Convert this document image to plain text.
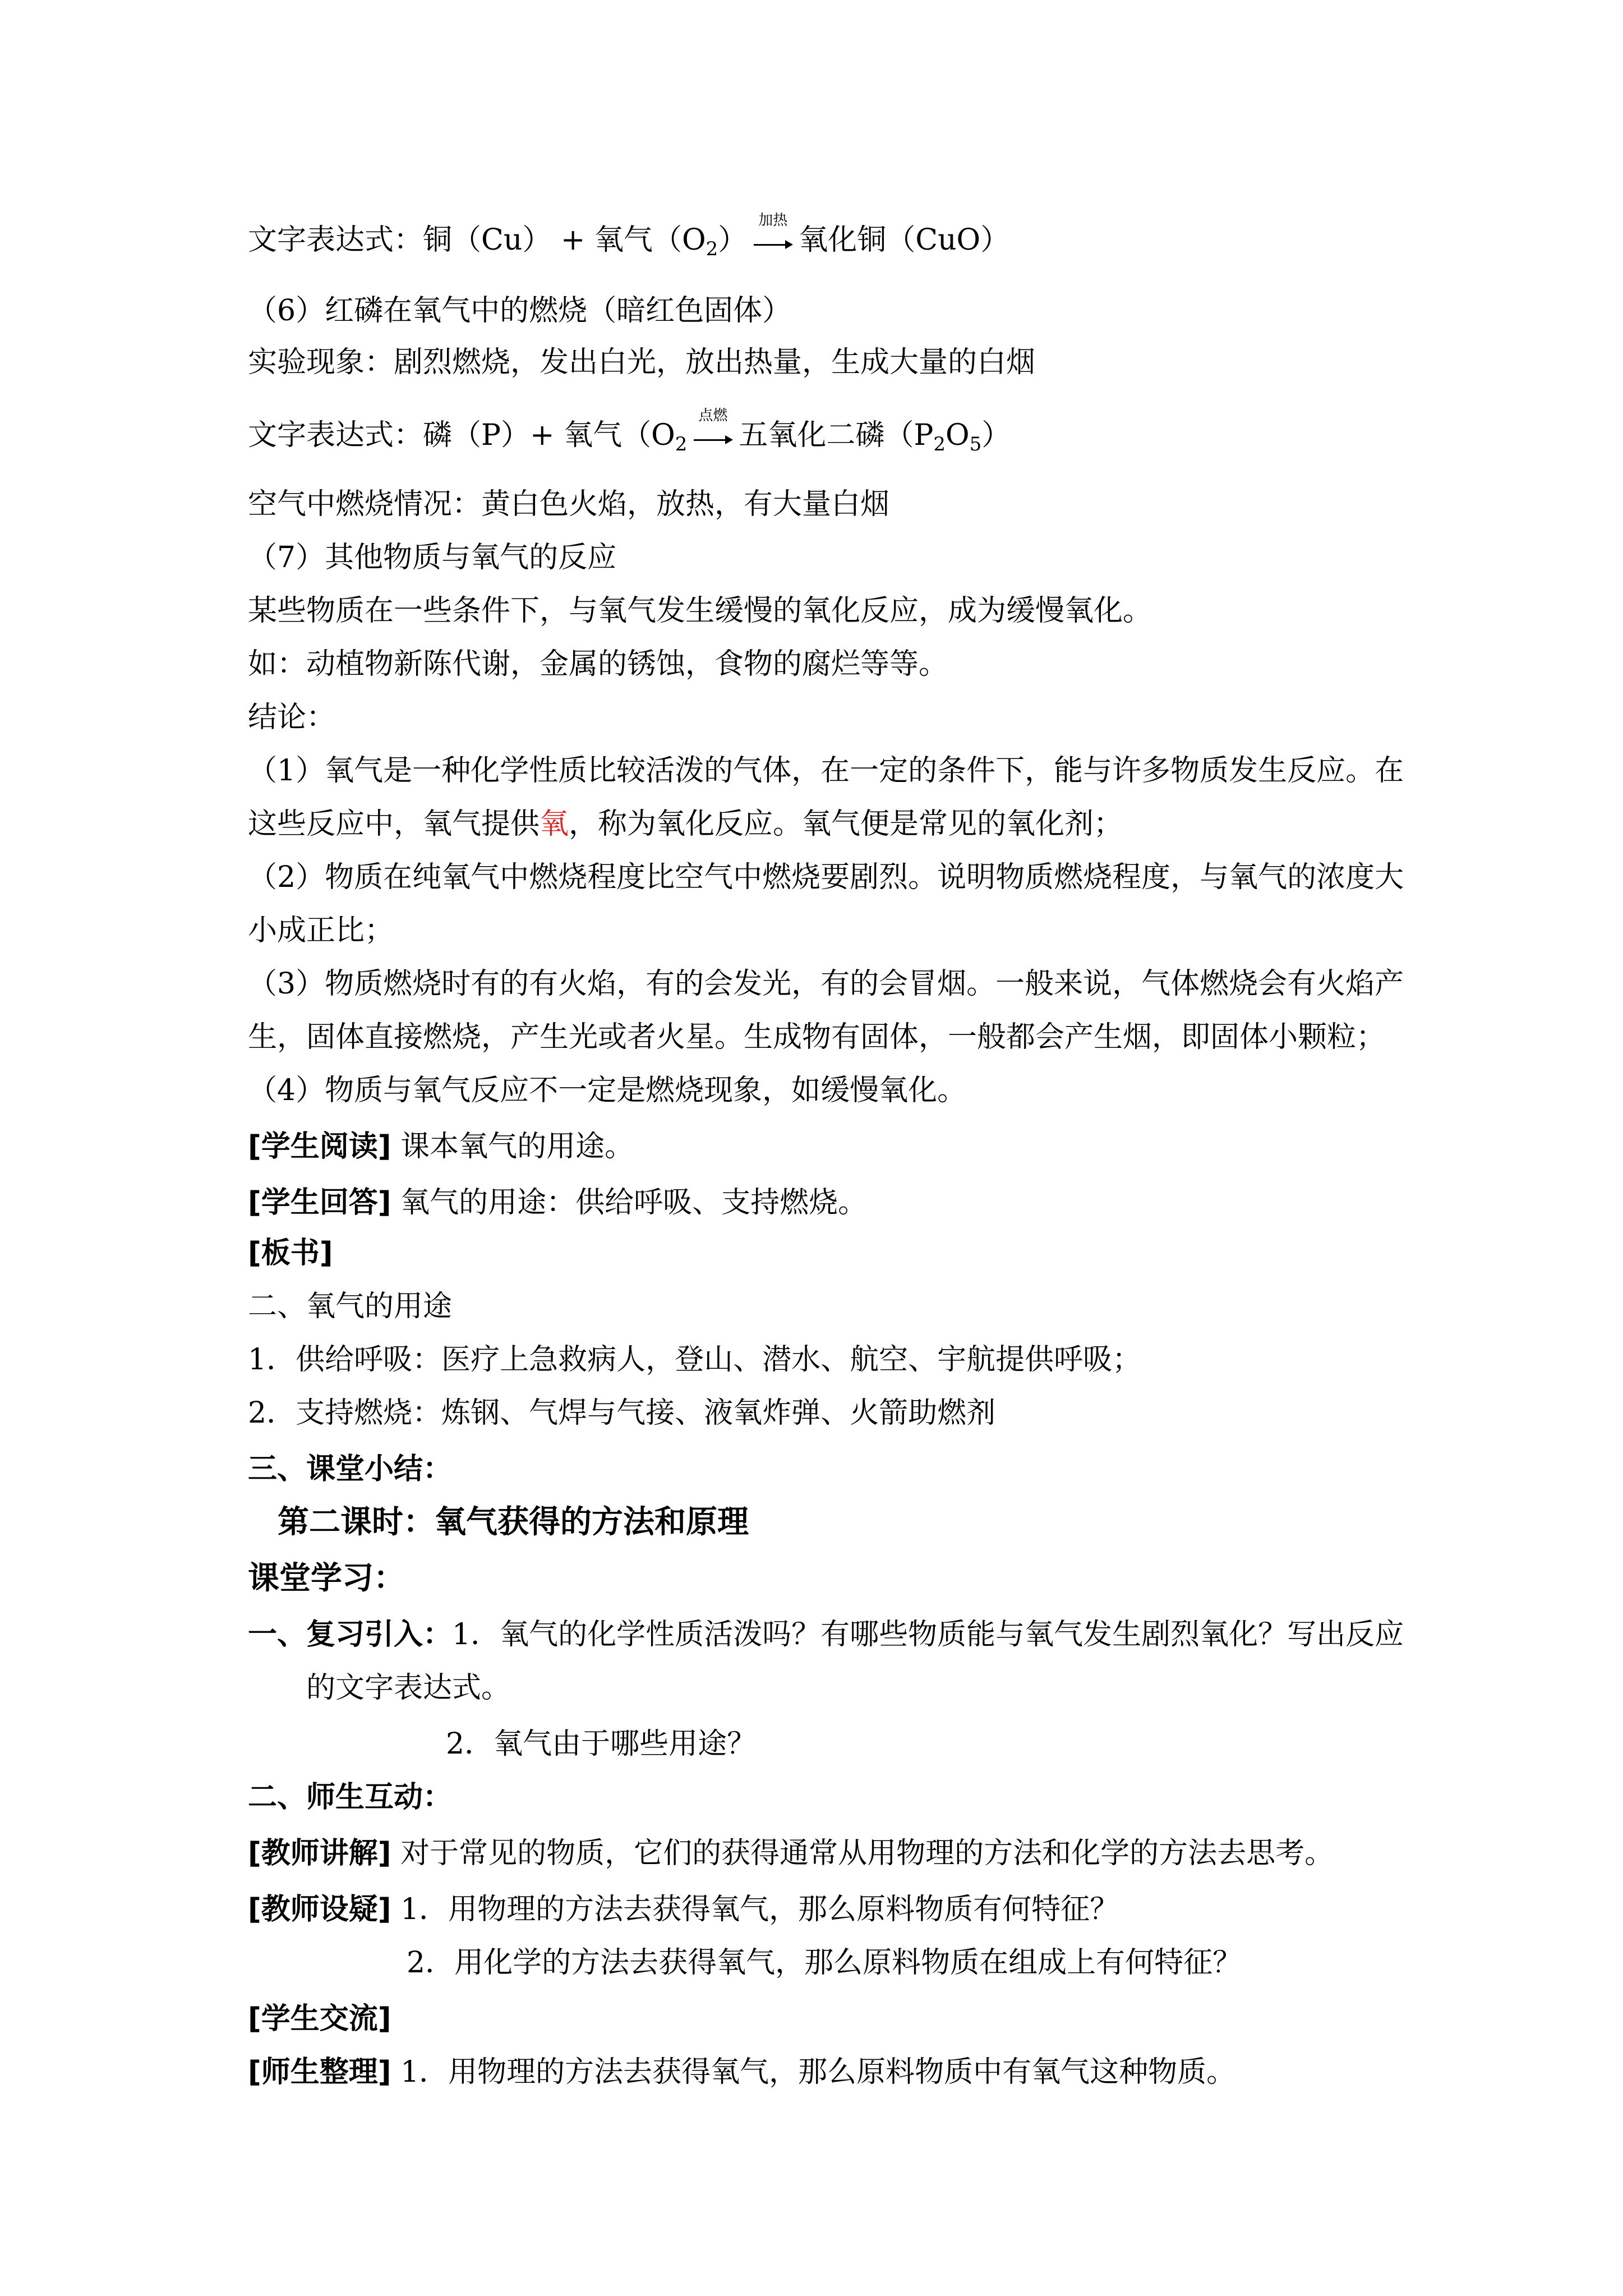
文字表达式：铜（Cu） + 氧气$(O_2)$
加热
氧化铜（CuO）
（6）红磷在氧气中的燃烧（暗红色固体）
实验现象：剧烈燃烧，发出白光，放出热量，生成大量的白烟
文字表达式：磷（P）+ 氧气（$O_2$
点燃
五氧化二磷$(P_2O_5)$
空气中燃烧情况：黄白色火焰，放热，有大量白烟
（7）其他物质与氧气的反应
某些物质在一些条件下，与氧气发生缓慢的氧化反应，成为缓慢氧化。
如：动植物新陈代谢，金属的锈蚀，食物的腐烂等等。
结论：
（1）氧气是一种化学性质比较活泼的气体，在一定的条件下，能与许多物质发生反应。在
这些反应中，氧气提供氧，称为氧化反应。氧气便是常见的氧化剂；
（2）物质在纯氧气中燃烧程度比空气中燃烧要剧烈。说明物质燃烧程度，与氧气的浓度大
小成正比；
（3）物质燃烧时有的有火焰，有的会发光，有的会冒烟。一般来说，气体燃烧会有火焰产
生，固体直接燃烧，产生光或者火星。生成物有固体，一般都会产生烟，即固体小颗粒；
（4）物质与氧气反应不一定是燃烧现象，如缓慢氧化。
[学生阅读] 课本氧气的用途。
[学生回答] 氧气的用途：供给呼吸、支持燃烧。
[板书]
二、氧气的用途
1．供给呼吸：医疗上急救病人，登山、潜水、航空、宇航提供呼吸；
2．支持燃烧：炼钢、气焊与气接、液氧炸弹、火箭助燃剂
三、课堂小结：
第二课时：氧气获得的方法和原理
课堂学习：
一、复习引入：1．氧气的化学性质活泼吗？有哪些物质能与氧气发生剧烈氧化？写出反应
的文字表达式。
2．氧气由于哪些用途？
二、师生互动：
[教师讲解] 对于常见的物质，它们的获得通常从用物理的方法和化学的方法去思考。
[教师设疑] 1．用物理的方法去获得氧气，那么原料物质有何特征？
2．用化学的方法去获得氧气，那么原料物质在组成上有何特征？
[学生交流]
[师生整理] 1．用物理的方法去获得氧气，那么原料物质中有氧气这种物质。
